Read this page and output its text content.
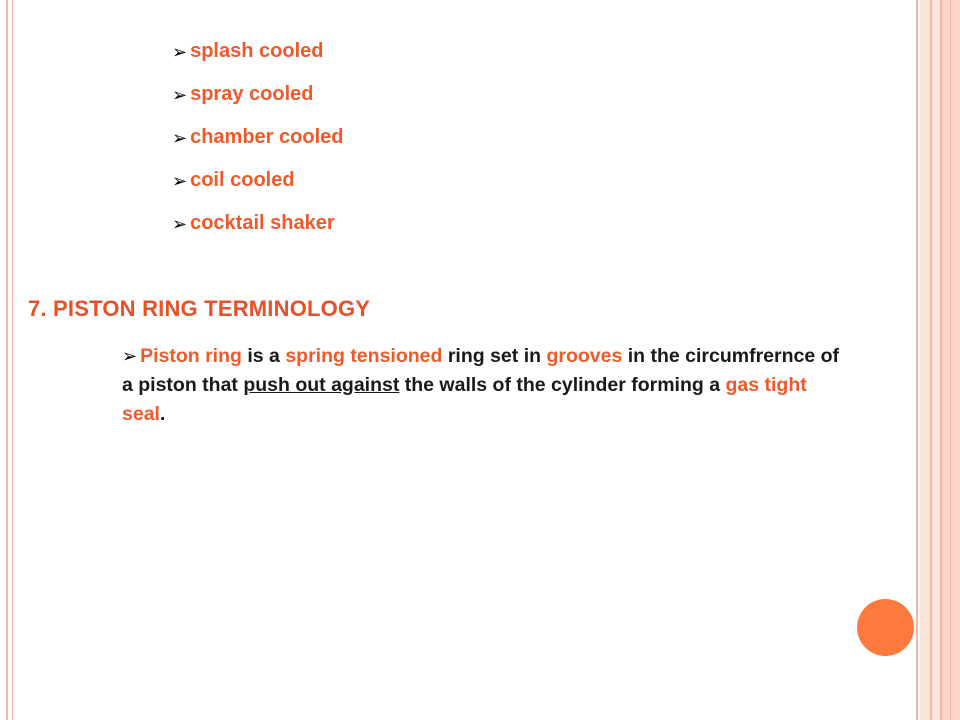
➢ splash cooled
➢ spray cooled
➢ chamber cooled
➢ coil cooled
➢ cocktail shaker
7. PISTON RING TERMINOLOGY

➢ Piston ring is a spring tensioned ring set in grooves in the circumfrernce of a piston that push out against the walls of the cylinder forming a gas tight seal.
